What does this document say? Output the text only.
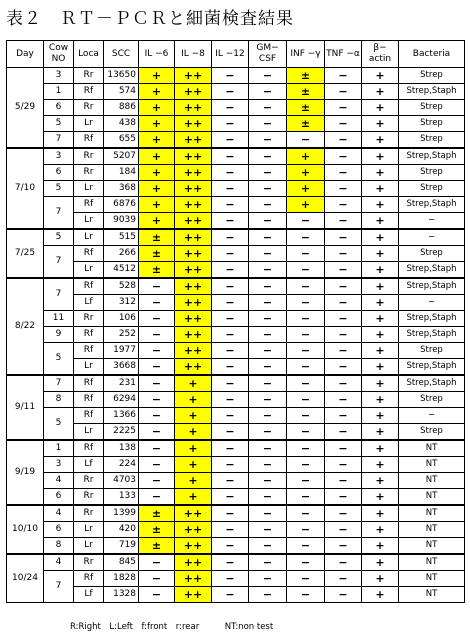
表２　ＲＴ－ＰＣＲと細菌検査結果
Day	Cow NO	Loca	SCC	IL −6	IL −8	IL −12	GM− CSF	INF −γ	TNF −α	β− actin	Bacteria
5/29	3	Rr	13650	+	++	−	−	±	−	+	Strep
	1	Rf	574	+	++	−	−	±	−	+	Strep,Staph
	6	Rr	886	+	++	−	−	±	−	+	Strep
	5	Lr	438	+	++	−	−	±	−	+	Strep
	7	Rf	655	+	++	−	−	−	−	+	Strep
7/10	3	Rr	5207	+	++	−	−	+	−	+	Strep,Staph
	6	Rr	184	+	++	−	−	+	−	+	Strep
	5	Lr	368	+	++	−	−	+	−	+	Strep
	7	Rf	6876	+	++	−	−	+	−	+	Strep,Staph
		Lr	9039	+	++	−	−	−	−	+	−
7/25	5	Lr	515	±	++	−	−	−	−	+	−
	7	Rf	266	±	++	−	−	−	−	+	Strep
		Lr	4512	±	++	−	−	−	−	+	Strep,Staph
8/22	7	Rf	528	−	++	−	−	−	−	+	Strep,Staph
		Lf	312	−	++	−	−	−	−	+	−
	11	Rr	106	−	++	−	−	−	−	+	Strep,Staph
	9	Rf	252	−	++	−	−	−	−	+	Strep,Staph
	5	Rf	1977	−	++	−	−	−	−	+	Strep
		Lr	3668	−	++	−	−	−	−	+	Strep,Staph
9/11	7	Rf	231	−	+	−	−	−	−	+	Strep,Staph
	8	Rf	6294	−	+	−	−	−	−	+	Strep
	5	Rf	1366	−	+	−	−	−	−	+	−
		Lr	2225	−	+	−	−	−	−	+	Strep
9/19	1	Rf	138	−	+	−	−	−	−	+	NT
	3	Lf	224	−	+	−	−	−	−	+	NT
	4	Rr	4703	−	+	−	−	−	−	+	NT
	6	Rr	133	−	+	−	−	−	−	+	NT
10/10	4	Rr	1399	±	++	−	−	−	−	+	NT
	6	Lr	420	±	++	−	−	−	−	+	NT
	8	Lr	719	±	++	−	−	−	−	+	NT
10/24	4	Rr	845	−	++	−	−	−	−	+	NT
	7	Rf	1828	−	++	−	−	−	−	+	NT
		Lf	1328	−	++	−	−	−	−	+	NT
R:Right　L:Left　f:front　r:rear　　　NT:non test
